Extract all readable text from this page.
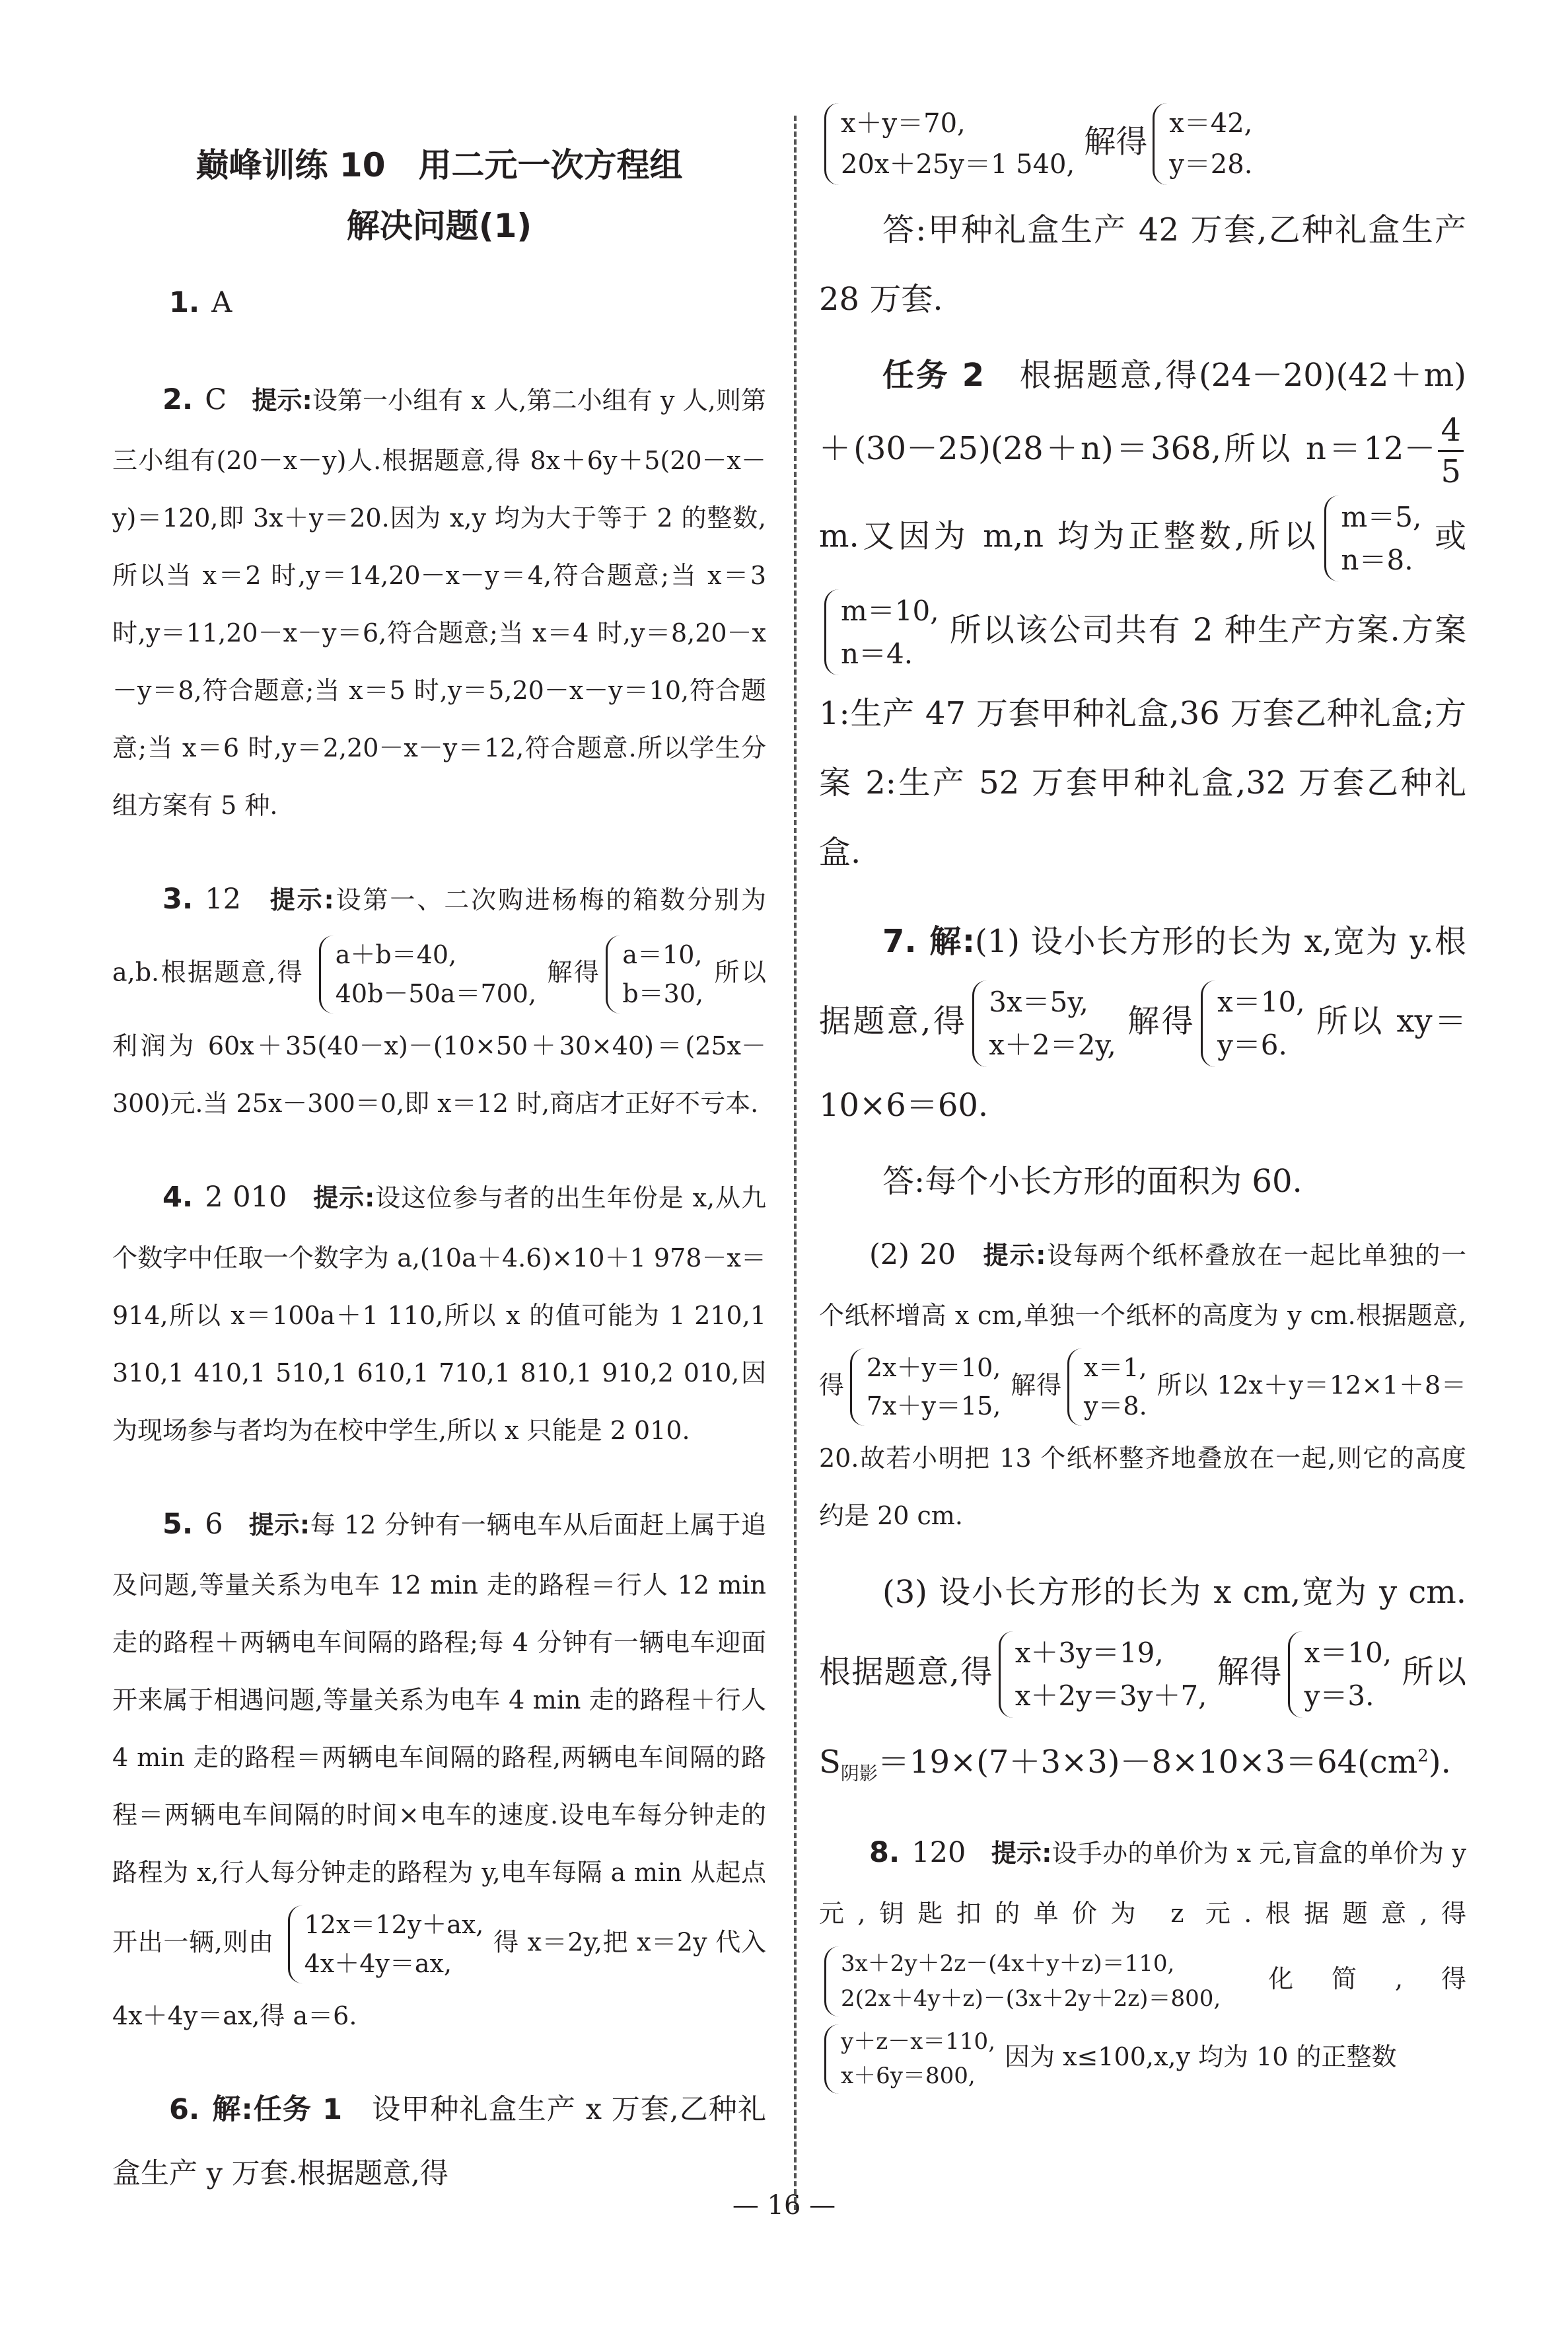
巅峰训练 10　用二元一次方程组
解决问题(1)

1. A

2. C　 提示:设第一小组有 x 人,第二小组有 y 人,则第三小组有(20－x－y)人.根据题意,得 8x＋6y＋5(20－x－y)＝120,即 3x＋y＝20.因为 x,y 均为大于等于 2 的整数,所以当 x＝2 时,y＝14,20－x－y＝4,符合题意;当 x＝3 时,y＝11,20－x－y＝6,符合题意;当 x＝4 时,y＝8,20－x－y＝8,符合题意;当 x＝5 时,y＝5,20－x－y＝10,符合题意;当 x＝6 时,y＝2,20－x－y＝12,符合题意.所以学生分组方案有 5 种.

3. 12　 提示:设第一、二次购进杨梅的箱数分别为 a,b.根据题意,得
a＋b＝40,
40b－50a＝700,
解得
a＝10,
b＝30,
所以利润为 60x＋35(40－x)－(10×50＋30×40)＝(25x－300)元.当 25x－300＝0,即 x＝12 时,商店才正好不亏本.

4. 2 010　 提示:设这位参与者的出生年份是 x,从九个数字中任取一个数字为 a,(10a＋4.6)×10＋1 978－x＝914,所以 x＝100a＋1 110,所以 x 的值可能为 1 210,1 310,1 410,1 510,1 610,1 710,1 810,1 910,2 010,因为现场参与者均为在校中学生,所以 x 只能是 2 010.

5. 6　 提示:每 12 分钟有一辆电车从后面赶上属于追及问题,等量关系为电车 12 min 走的路程＝行人 12 min 走的路程＋两辆电车间隔的路程;每 4 分钟有一辆电车迎面开来属于相遇问题,等量关系为电车 4 min 走的路程＋行人 4 min 走的路程＝两辆电车间隔的路程,两辆电车间隔的路程＝两辆电车间隔的时间×电车的速度.设电车每分钟走的路程为 x,行人每分钟走的路程为 y,电车每隔 a min 从起点开出一辆,则由
12x＝12y＋ax,
4x＋4y＝ax,
得 x＝2y,把 x＝2y 代入 4x＋4y＝ax,得 a＝6.

6. 解:任务 1　 设甲种礼盒生产 x 万套,乙种礼盒生产 y 万套.根据题意,得

x＋y＝70,
20x＋25y＝1 540,
解得 x＝42,
y＝28.

答:甲种礼盒生产 42 万套,乙种礼盒生产 28 万套.

任务 2　 根据题意,得(24－20)(42＋m)＋(30－25)(28＋n)＝368,所以 $n=12- \frac{4}{5}$
m.又因为 m,n 均为正整数,所以
m＝5,
n＝8.
或
m＝10,
n＝4.
所以该公司共有 2 种生产方案.方案 1:生产 47 万套甲种礼盒,36 万套乙种礼盒;方案 2:生产 52 万套甲种礼盒,32 万套乙种礼盒.

7. 解:(1) 设小长方形的长为 x,宽为 y.根据题意,得
3x＝5y,
x＋2＝2y,
解得
x＝10,
y＝6.
所以 xy＝10×6＝60.

答:每个小长方形的面积为 60.

(2) 20　 提示:设每两个纸杯叠放在一起比单独的一个纸杯增高 x cm,单独一个纸杯的高度为 y cm.根据题意,得
2x＋y＝10,
7x＋y＝15,
解得
x＝1,
y＝8.
所以 12x＋y＝12×1＋8＝20.故若小明把 13 个纸杯整齐地叠放在一起,则它的高度约是 20 cm.

(3) 设小长方形的长为 x cm,宽为 y cm.根据题意,得
x＋3y＝19,
x＋2y＝3y＋7,
解得
x＝10,
y＝3.
所以 $S_{阴影}=19\times(7+3\times 3)-8\times 10\times 3=64(cm^2)$.

8. 120　 提示:设手办的单价为 x 元,盲盒的单价为 y 元,钥匙扣的单价为 z 元.根据题意,得
3x＋2y＋2z－(4x＋y＋z)＝110,
2(2x＋4y＋z)－(3x＋2y＋2z)＝800,
化简,得
y＋z－x＝110,
x＋6y＝800,
因为 x≤100,x,y 均为 10 的正整数

— 16 —
